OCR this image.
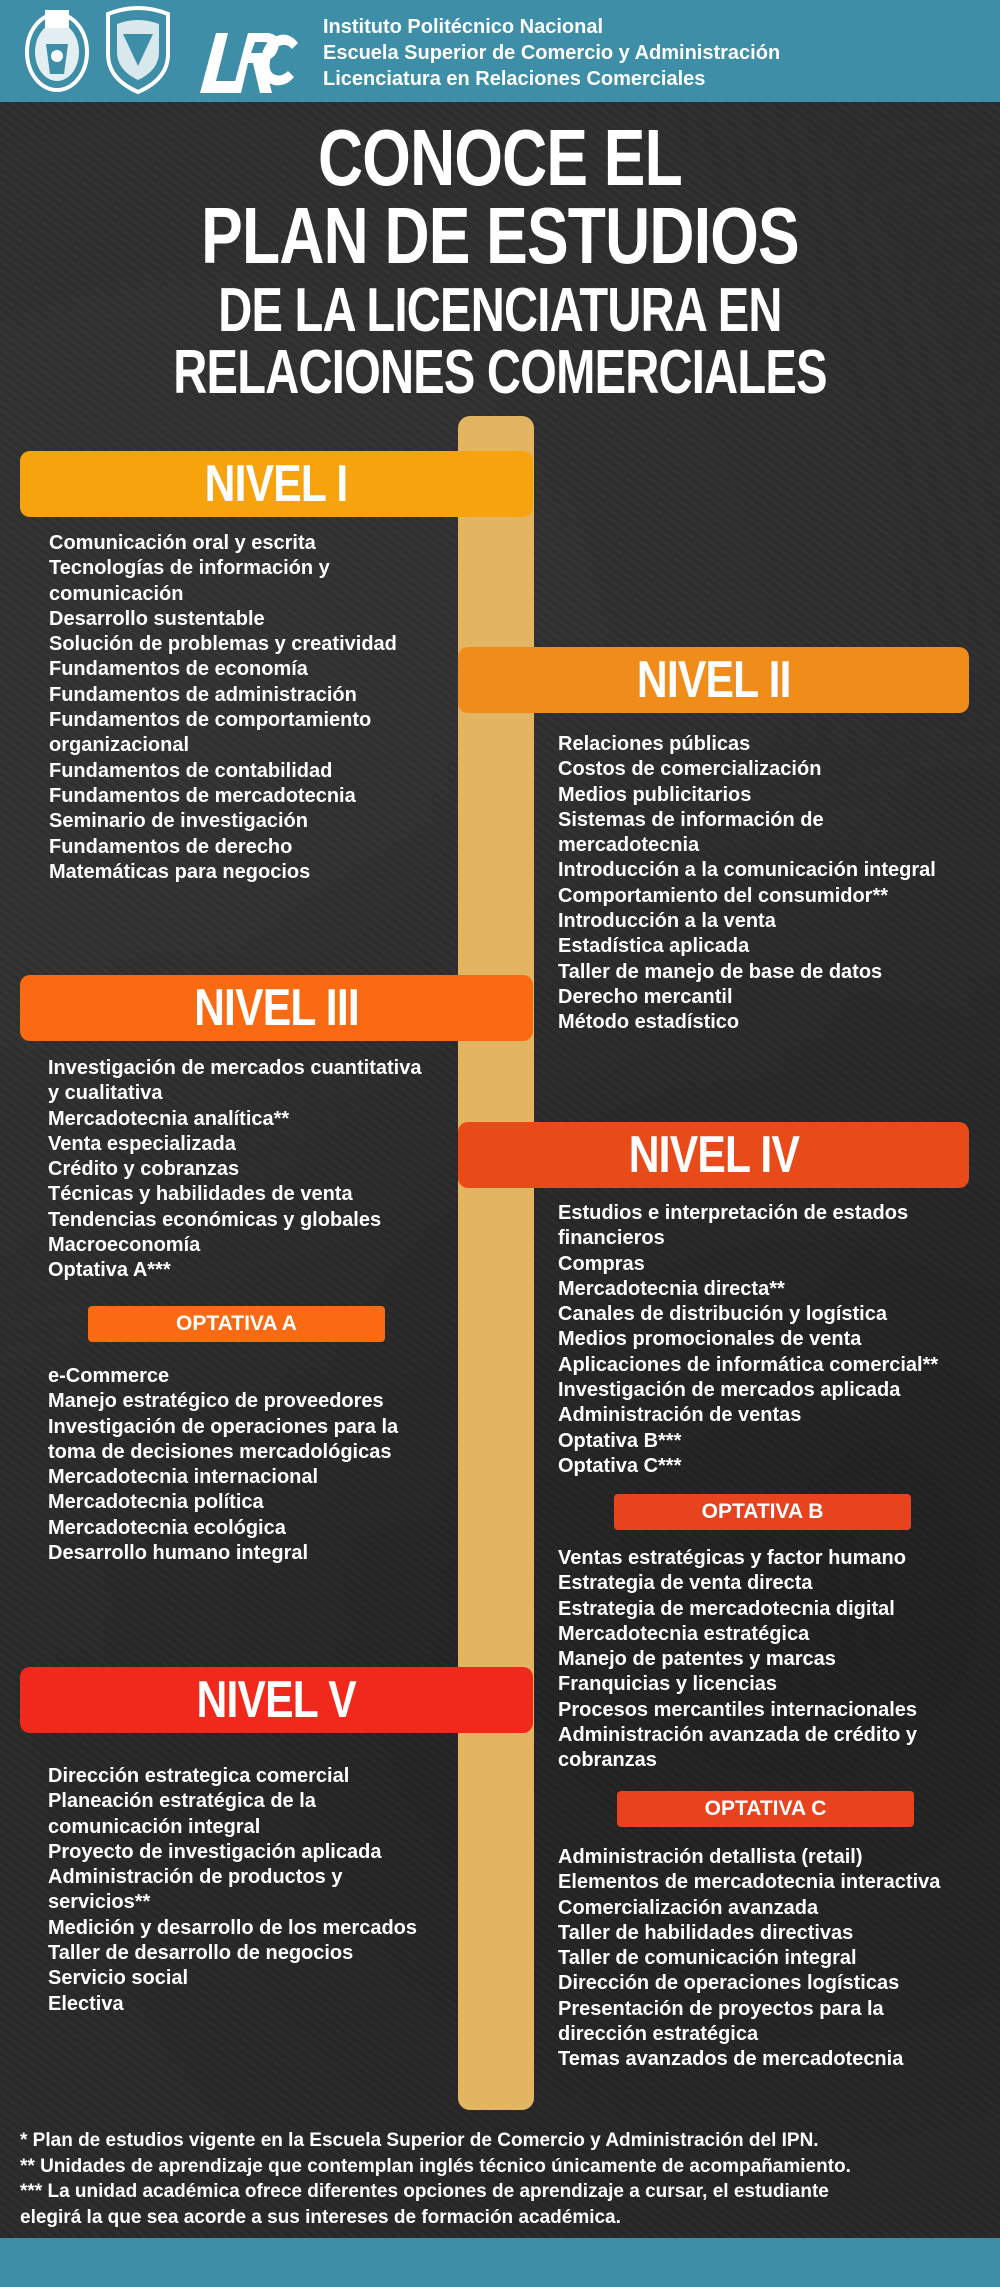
Instituto Politécnico Nacional
Escuela Superior de Comercio y Administración
Licenciatura en Relaciones Comerciales
CONOCE EL
PLAN DE ESTUDIOS
DE LA LICENCIATURA EN
RELACIONES COMERCIALES
NIVEL I
Comunicación oral y escrita
Tecnologías de información y
comunicación
Desarrollo sustentable
Solución de problemas y creatividad
Fundamentos de economía
Fundamentos de administración
Fundamentos de comportamiento
organizacional
Fundamentos de contabilidad
Fundamentos de mercadotecnia
Seminario de investigación
Fundamentos de derecho
Matemáticas para negocios
NIVEL II
Relaciones públicas
Costos de comercialización
Medios publicitarios
Sistemas de información de
mercadotecnia
Introducción a la comunicación integral
Comportamiento del consumidor**
Introducción a la venta
Estadística aplicada
Taller de manejo de base de datos
Derecho mercantil
Método estadístico
NIVEL III
Investigación de mercados cuantitativa
y cualitativa
Mercadotecnia analítica**
Venta especializada
Crédito y cobranzas
Técnicas y habilidades de venta
Tendencias económicas y globales
Macroeconomía
Optativa A***
OPTATIVA A
e-Commerce
Manejo estratégico de proveedores
Investigación de operaciones para la
toma de decisiones mercadológicas
Mercadotecnia internacional
Mercadotecnia política
Mercadotecnia ecológica
Desarrollo humano integral
NIVEL IV
Estudios e interpretación de estados
financieros
Compras
Mercadotecnia directa**
Canales de distribución y logística
Medios promocionales de venta
Aplicaciones de informática comercial**
Investigación de mercados aplicada
Administración de ventas
Optativa B***
Optativa C***
OPTATIVA B
Ventas estratégicas y factor humano
Estrategia de venta directa
Estrategia de mercadotecnia digital
Mercadotecnia estratégica
Manejo de patentes y marcas
Franquicias y licencias
Procesos mercantiles internacionales
Administración avanzada de crédito y
cobranzas
NIVEL V
Dirección estrategica comercial
Planeación estratégica de la
comunicación integral
Proyecto de investigación aplicada
Administración de productos y
servicios**
Medición y desarrollo de los mercados
Taller de desarrollo de negocios
Servicio social
Electiva
OPTATIVA C
Administración detallista (retail)
Elementos de mercadotecnia interactiva
Comercialización avanzada
Taller de habilidades directivas
Taller de comunicación integral
Dirección de operaciones logísticas
Presentación de proyectos para la
dirección estratégica
Temas avanzados de mercadotecnia
* Plan de estudios vigente en la Escuela Superior de Comercio y Administración del IPN.
** Unidades de aprendizaje que contemplan inglés técnico únicamente de acompañamiento.
*** La unidad académica ofrece diferentes opciones de aprendizaje a cursar, el estudiante
elegirá la que sea acorde a sus intereses de formación académica.
